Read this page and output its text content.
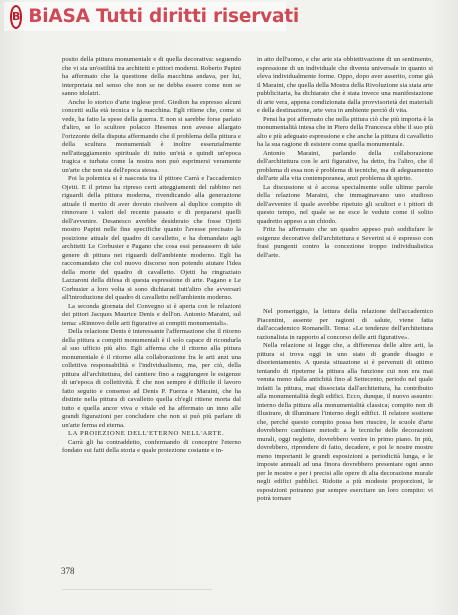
B BiASA Tutti diritti riservati

posito della pittura monumentale e di quella decorativa: seguendo che vi sia un'ostilità tra architetti e pittori moderni. Roberto Papini ha affermato che la questione della macchina andava, per lui, interpretata nel senso che non se ne debba essere come non se sanno idolatri.

Anche lo storico d'arte inglese prof. Giedion ha espresso alcuni concetti sulla età tecnica e la macchina. Egli ritiene che, come si vede, ha fatto la spese della guerra. E non si sarebbe forse parlato d'altro, se lo scultore polacco Hesenus non avesse allargato l'orizzonte della disputa affermando che il problema della pittura e della scultura monumentali è inoltre essenzialmente nell'atteggiamento spirituale di tutto un'età e quindi un'epoca tragica e turbata come la nostra non può esprimersi veramente un'arte che non sia dell'epoca stessa.

Poi la polemica si è nascosta tra il pittore Carrà e l'accademico Ojetti. E il primo ha ripreso certi atteggiamenti del rabbino nei riguardi della pittura moderna, rivendicando alla generazione attuale il merito di aver dovuto risolvere al duplice compito di rinnovare i valori del recente passato e di prepararsi quelli dell'avvenire. Desanesco avrebbe desiderato che fosse Ojetti mostro Papini nelle fine specifiche quanto l'avesse precisato la posizione attuale del quadro di cavalletto, e ha domandato agli architetti Le Corbusier e Pagano che cosa essi pensassero di tale genere di pittura nei riguardi dell'ambiente moderno. Egli ha raccomandato che col nuovo discorso non potendo aiutare l'idea della morte del quadro di cavalletto. Ojetti ha ringraziato Lazzaroni della difesa di questa espressione di arte. Pagano e Le Corbusier a loro volta si sono dichiarati tutt'altro che avversari all'introduzione del quadro di cavalletto nell'ambiente moderno.

La seconda giornata del Convegno si è aperta con le relazioni dei pittori Jacques Maurice Denis e dell'on. Antonio Maraini, sul tema: «Rinnovo delle arti figurative ai compiti monumentali».

Della relazione Denis è interessante l'affermazione che il ritorno della pittura a compiti monumentali è il solo capace di ricondurla al suo ufficio più alto. Egli afferma che il ritorno alla pittura monumentale è il ritorno alla collaborazione fra le arti anzi una collettiva responsabilità e l'individualismo, ma, per ciò, della pittura all'architettura, del cantiere fino a raggiungere le esigenze di un'epoca di collettività. È che non sempre è difficile il lavoro fatto seguito e consenso ad Denis P. Fuerza e Maraini, che ha distinte nella pittura di cavalletto quella ch'egli ritiene morta dal tutto e quella ancor viva e vitale ed ha affermato un inno alle grandi figurazioni per concludere che non si può più parlare di un'arte ferma ed eterna.

LA PROIEZIONE DELL'ETERNO NELL'ARTE.

Carrà gli ha contraddetto, confermando di concepire l'eterno fondato sui fatti della storia e quale proiezione costante e in-

in atto dell'uomo, e che arte sia obbiettivazione di un sentimento, espressione di un individuale che diventa universale in quanto si eleva individualmente forme. Oppo, dopo aver asserito, come già il Maraini, che quella della Mostra della Rivoluzione sia stata arte pubblicitaria, ha dichiarato che è stata invece una manifestazione di arte vera, appena condizionata dalla provvisorietà dei materiali e della destinazione, arte vera in ambiente perciò di vita.

Pensi ha poi affermato che nella pittura ciò che più importa è la monumentalità intesa che in Piero della Francesca ebbe il suo più alto e più adeguato espressione e che anche la pittura di cavalletto ha la sua ragione di esistere come quella monumentale.

Antonio Maraini, parlando della collaborazione dell'architettura con le arti figurative, ha detto, fra l'altro, che il problema di essa non è problema di tecniche, ma di adeguamento dell'arte alla vita contemporanea, anzi problema di spirito.

La discussione si è accesa specialmente sulle ultime parole della relazione Maraini, che immaginavano uno studioso dell'avvenire il quale avrebbe ripetuto gli scultori e i pittori di questo tempo, nel quale se ne esce le vedute come il solito quadretto appeso a un chiodo.

Fritz ha affermato che un quadro appeso può soddisfare le esigenze decorative dell'architettura e Severini si è espresso con frasi pungenti contro la concezione troppo individualistica dell'arte.

Nel pomeriggio, la lettura della relazione dell'accademico Piacentini, assente per ragioni di salute, viene fatta dall'accademico Romanelli. Tema: «Le tendenze dell'architettura razionalista in rapporto al concorso delle arti figurative».

Nella relazione si legge che, a differenza delle altre arti, la pittura si trova oggi in uno stato di grande disagio e disorientamento. A questa situazione si è pervenuti di ottimo tentando di ripeterne la pittura alla funzione cui non era mai venuta meno dalla antichità fino al Settecento, periodo nel quale infatti la pittura, mai dissociata dall'architettura, ha contribuito alla monumentalità degli edifici. Ecco, dunque, il nuovo assunto: interno della pittura alla monumentalità classica; compito non di illustrare, di illuminare l'interno degli edifici. Il relatore sostiene che, perché questo compito possa ben riuscire, le scuole d'arte dovrebbero cambiare metodi: a le tecniche delle decorazioni murali, oggi neglette, dovrebbero venire in primo piano. In più, dovrebbero, riprendere di fatto, decadere, e poi le nostre mostre meno importanti le grandi esposizioni a periodicità lunga, e le imposte annuali ad una finora dovrebbero presentare ogni anno per le mostre e per i precisi alle opere di alta decorazione murale negli edifici pubblici. Ridotte a più modeste proporzioni, le esposizioni potranno pur sempre esercitare un loro compito: vi potrà tornare

378
